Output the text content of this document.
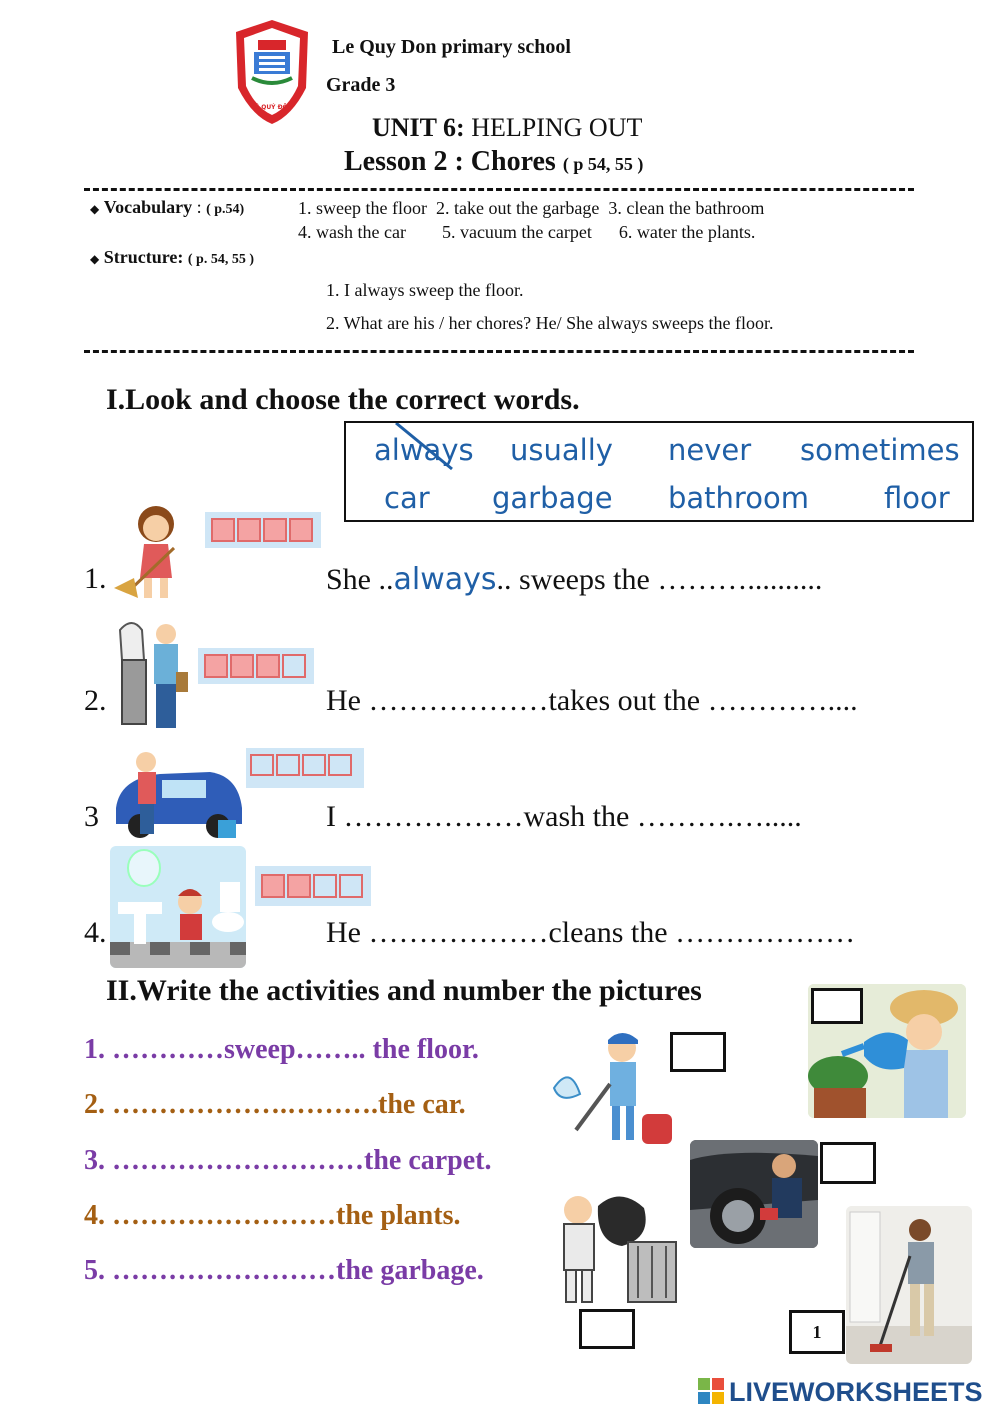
LÊ QUÝ ĐÔN
Le Quy Don primary school
Grade 3
UNIT 6: HELPING OUT
Lesson 2 : Chores ( p 54, 55 )
◆ Vocabulary : ( p.54)	1. sweep the floor  2. take out the garbage  3. clean the bathroom
4. wash the car        5. vacuum the carpet      6. water the plants.
◆ Structure: ( p. 54, 55 )
1. I always sweep the floor.
2. What are his / her chores? He/ She always sweeps the floor.
I.Look and choose the correct words.
always usually never sometimes
car garbage bathroom	floor
1.	She ..always.. sweeps the ………..........
2.	He ………………takes out the …………....
3	I ………………wash the ……….….....
4.	He ………………cleans the ………………
II.Write the activities and number the pictures
1. …………sweep…….. the floor.
2. ……………….……….the car.
3. ………………………the carpet.
4. ……………………the plants.
5. ……………………the garbage.
1
LIVEWORKSHEETS
